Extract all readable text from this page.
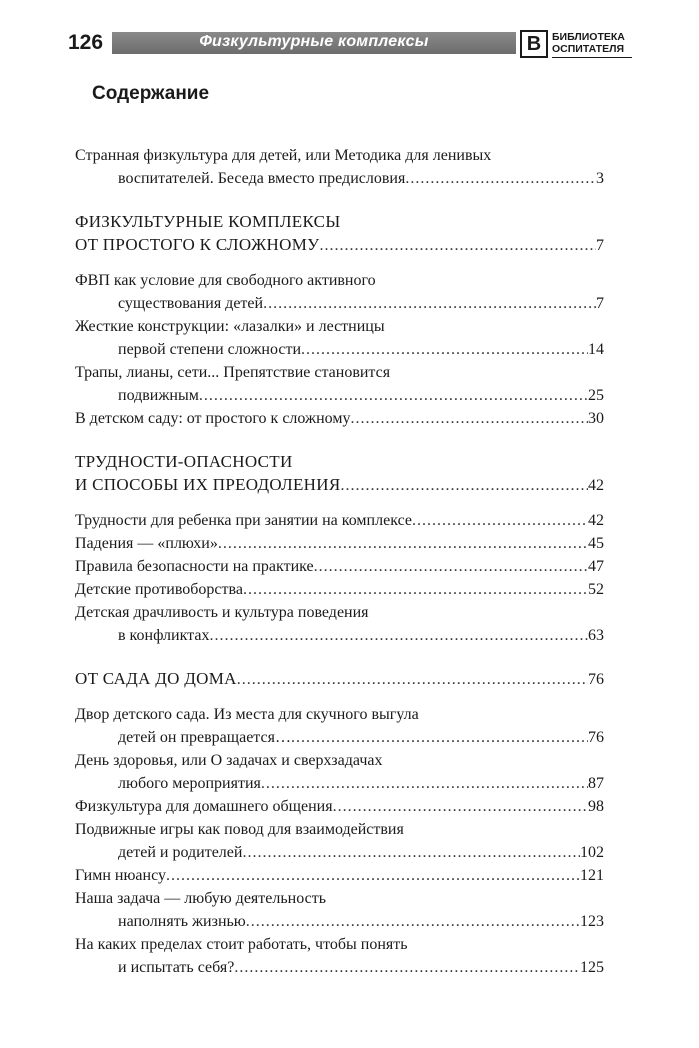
126	Физкультурные комплексы	В	БИБЛИОТЕКА
ОСПИТАТЕЛЯ
Содержание
Странная физкультура для детей, или Методика для ленивых
воспитателей. Беседа вместо предисловия .....	3
ФИЗКУЛЬТУРНЫЕ КОМПЛЕКСЫ
ОТ ПРОСТОГО К СЛОЖНОМУ .....	7
ФВП как условие для свободного активного
существования детей .....	7
Жесткие конструкции: «лазалки» и лестницы
первой степени сложности .....	14
Трапы, лианы, сети... Препятствие становится
подвижным .....	25
В детском саду: от простого к сложному .....	30
ТРУДНОСТИ-ОПАСНОСТИ
И СПОСОБЫ ИХ ПРЕОДОЛЕНИЯ .....	42
Трудности для ребенка при занятии на комплексе .....	42
Падения — «плюхи» .....	45
Правила безопасности на практике .....	47
Детские противоборства .....	52
Детская драчливость и культура поведения
в конфликтах .....	63
ОТ САДА ДО ДОМА .....	76
Двор детского сада. Из места для скучного выгула
детей он превращается… .....	76
День здоровья, или О задачах и сверхзадачах
любого мероприятия .....	87
Физкультура для домашнего общения .....	98
Подвижные игры как повод для взаимодействия
детей и родителей .....	102
Гимн нюансу .....	121
Наша задача — любую деятельность
наполнять жизнью .....	123
На каких пределах стоит работать, чтобы понять
и испытать себя? .....	125
